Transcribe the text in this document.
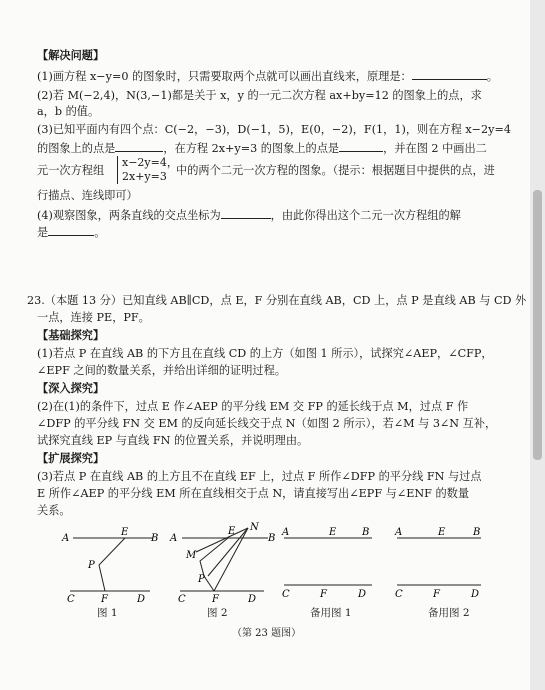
【解决问题】
(1)画方程 x−y=0 的图象时，只需要取两个点就可以画出直线来，原理是：	。
(2)若 M(−2,4)，N(3,−1)都是关于 x，y 的一元二次方程 ax+by=12 的图象上的点，求
a，b 的值。
(3)已知平面内有四个点：C(−2，−3)，D(−1，5)，E(0，−2)，F(1，1)，则在方程 x−2y=4
的图象上的点是	，在方程 2x+y=3 的图象上的点是	，并在图 2 中画出二
元一次方程组
x−2y=4，
2x+y=3 中的两个二元一次方程的图象。（提示：根据题目中提供的点，进
行描点、连线即可）
(4)观察图象，两条直线的交点坐标为	，由此你得出这个二元一次方程组的解
是	。
23.（本题 13 分）已知直线 AB∥CD，点 E，F 分别在直线 AB，CD 上，点 P 是直线 AB 与 CD 外
一点，连接 PE，PF。
【基础探究】
(1)若点 P 在直线 AB 的下方且在直线 CD 的上方（如图 1 所示），试探究∠AEP，∠CFP，
∠EPF 之间的数量关系，并给出详细的证明过程。
【深入探究】
(2)在(1)的条件下，过点 E 作∠AEP 的平分线 EM 交 FP 的延长线于点 M，过点 F 作
∠DFP 的平分线 FN 交 EM 的反向延长线交于点 N（如图 2 所示），若∠M 与 3∠N 互补，
试探究直线 EP 与直线 FN 的位置关系，并说明理由。
【扩展探究】
(3)若点 P 在直线 AB 的上方且不在直线 EF 上，过点 F 所作∠DFP 的平分线 FN 与过点
E 所作∠AEP 的平分线 EM 所在直线相交于点 N，请直接写出∠EPF 与∠ENF 的数量
关系。
A	B
E
P
C	F	D
图 1
A	B
E N
M
P
C	F	D
图 2
A	B
E
C	F	D
备用图 1
A	B
E
C	F	D
备用图 2
（第 23 题图）
